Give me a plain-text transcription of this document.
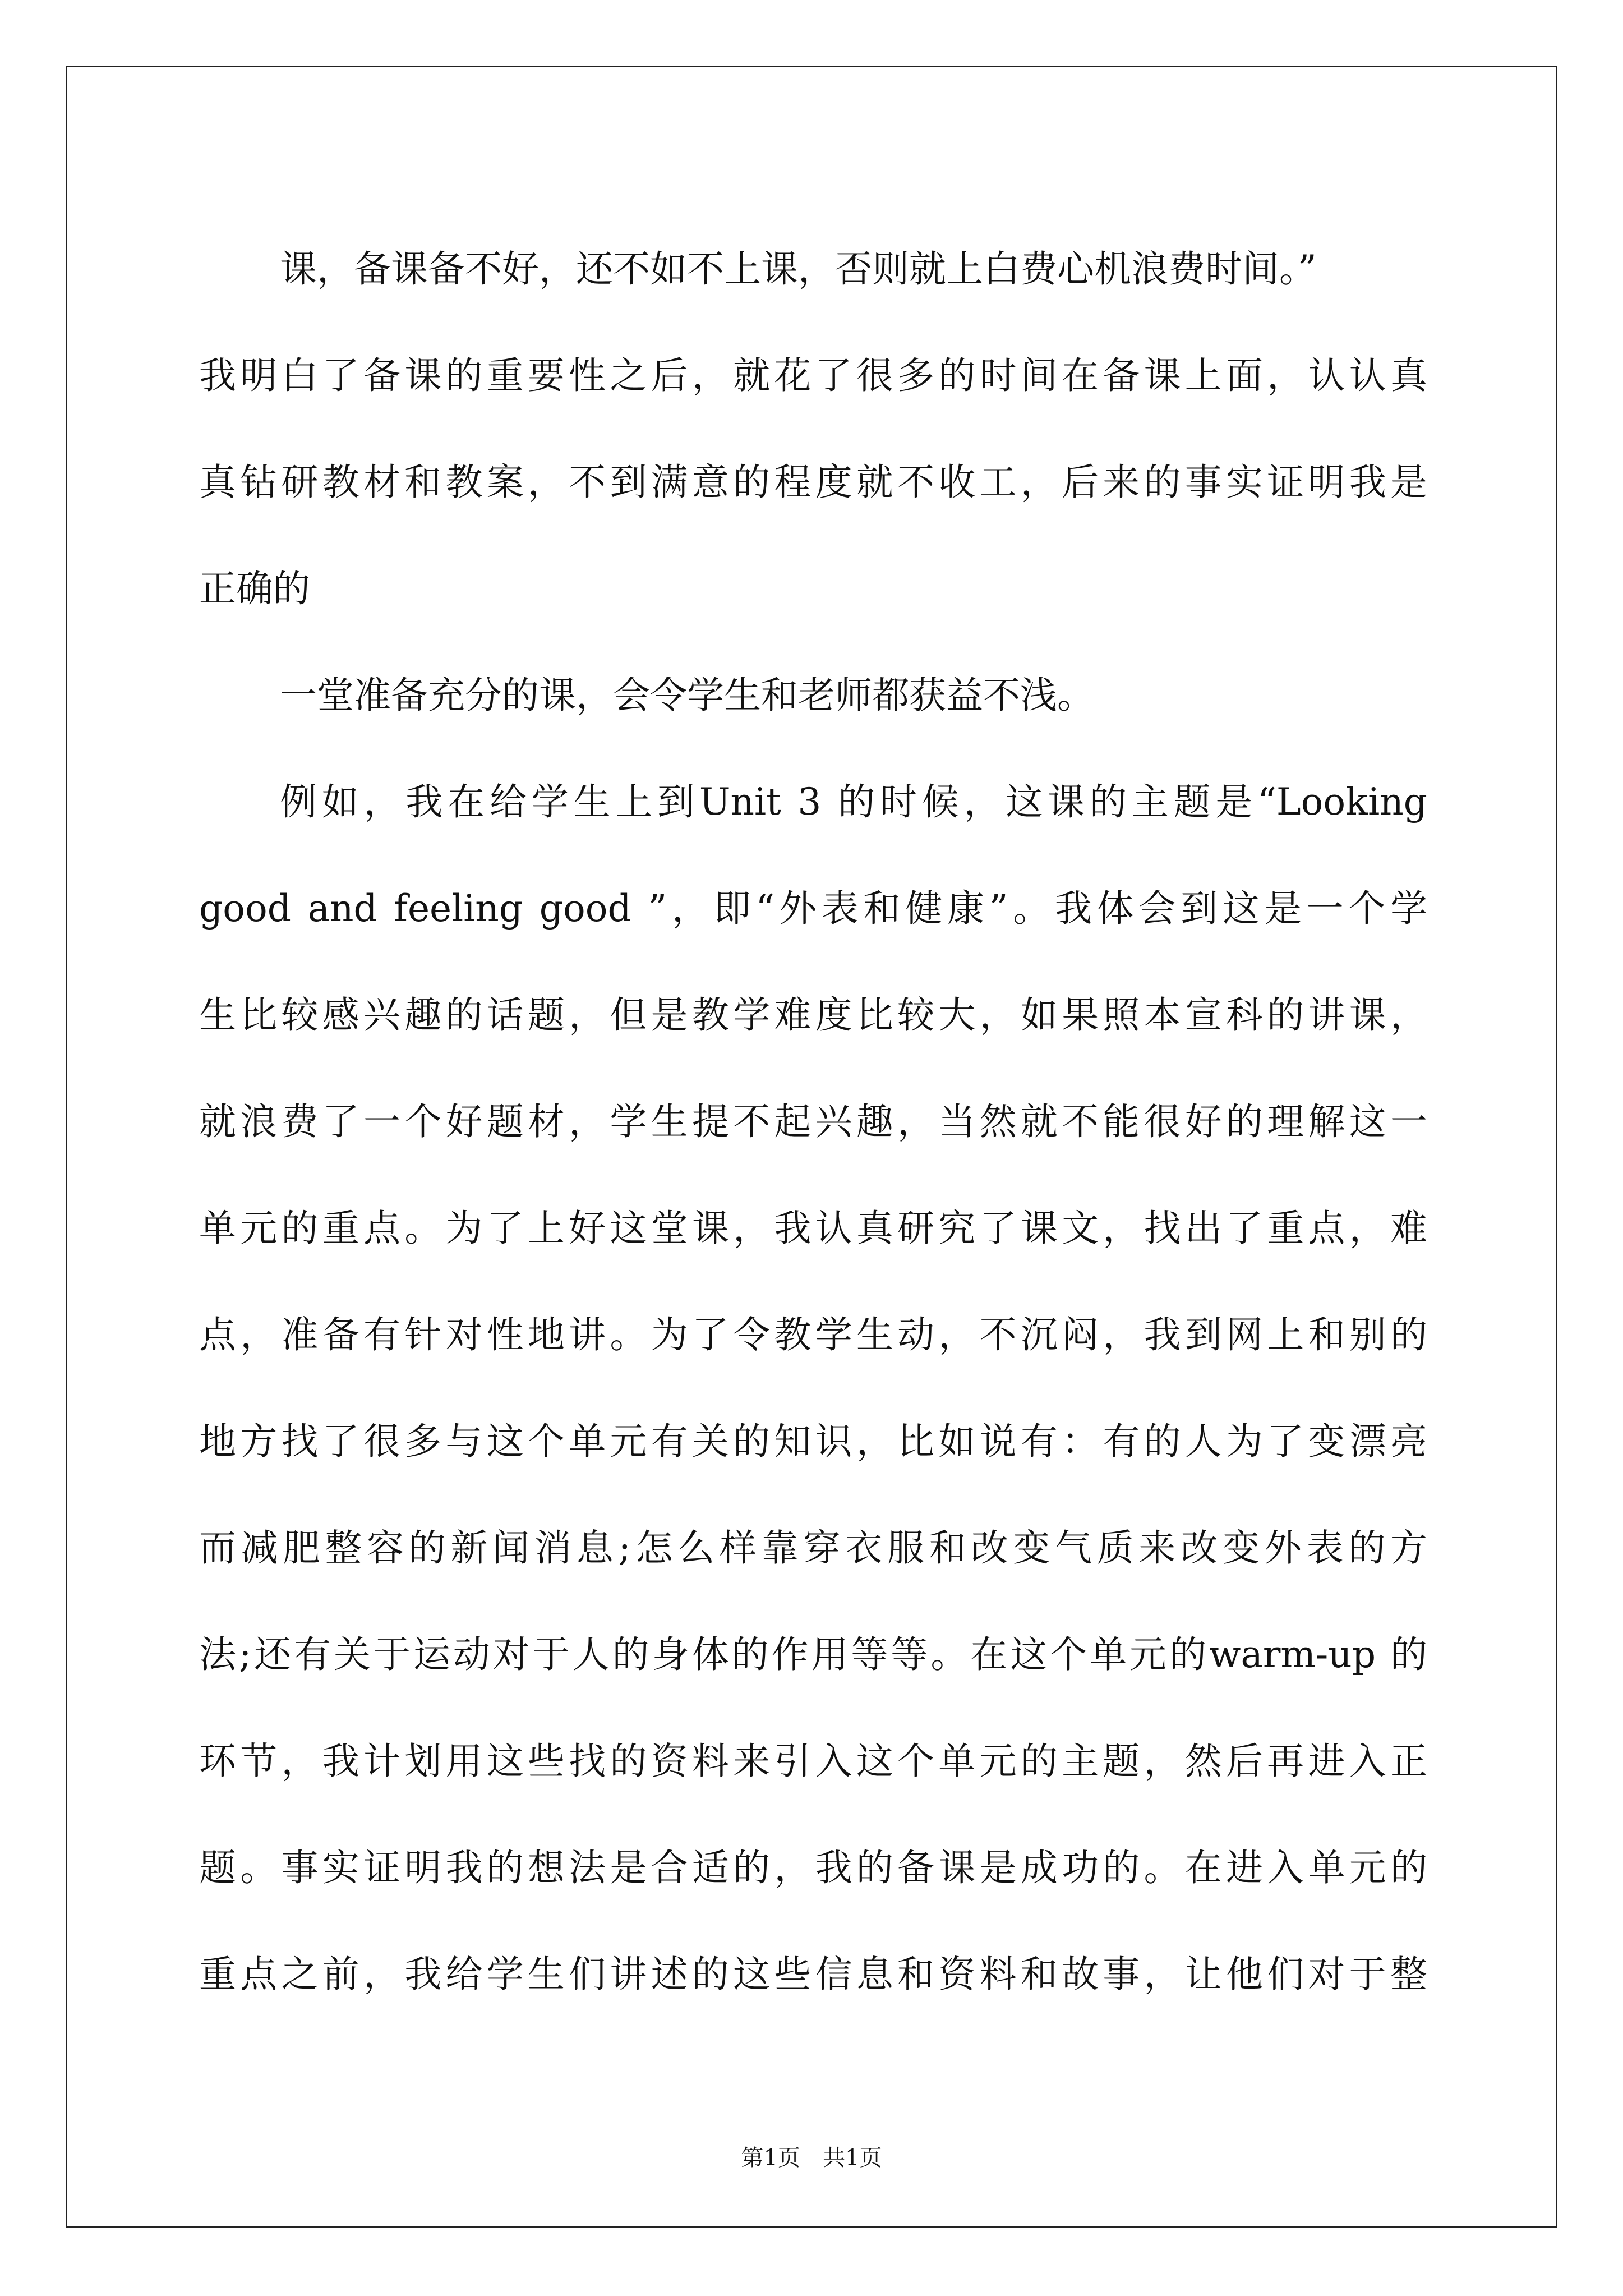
课，备课备不好，还不如不上课，否则就上白费心机浪费时间。”
我明白了备课的重要性之后，就花了很多的时间在备课上面，认认真
真钻研教材和教案，不到满意的程度就不收工，后来的事实证明我是
正确的
一堂准备充分的课，会令学生和老师都获益不浅。
例如，我在给学生上到Unit 3 的时候，这课的主题是“Looking
good and feeling good ”，即“外表和健康”。我体会到这是一个学
生比较感兴趣的话题，但是教学难度比较大，如果照本宣科的讲课，
就浪费了一个好题材，学生提不起兴趣，当然就不能很好的理解这一
单元的重点。为了上好这堂课，我认真研究了课文，找出了重点，难
点，准备有针对性地讲。为了令教学生动，不沉闷，我到网上和别的
地方找了很多与这个单元有关的知识，比如说有：有的人为了变漂亮
而减肥整容的新闻消息;怎么样靠穿衣服和改变气质来改变外表的方
法;还有关于运动对于人的身体的作用等等。在这个单元的warm-up 的
环节，我计划用这些找的资料来引入这个单元的主题，然后再进入正
题。事实证明我的想法是合适的，我的备课是成功的。在进入单元的
重点之前，我给学生们讲述的这些信息和资料和故事，让他们对于整
第1页　共1页
